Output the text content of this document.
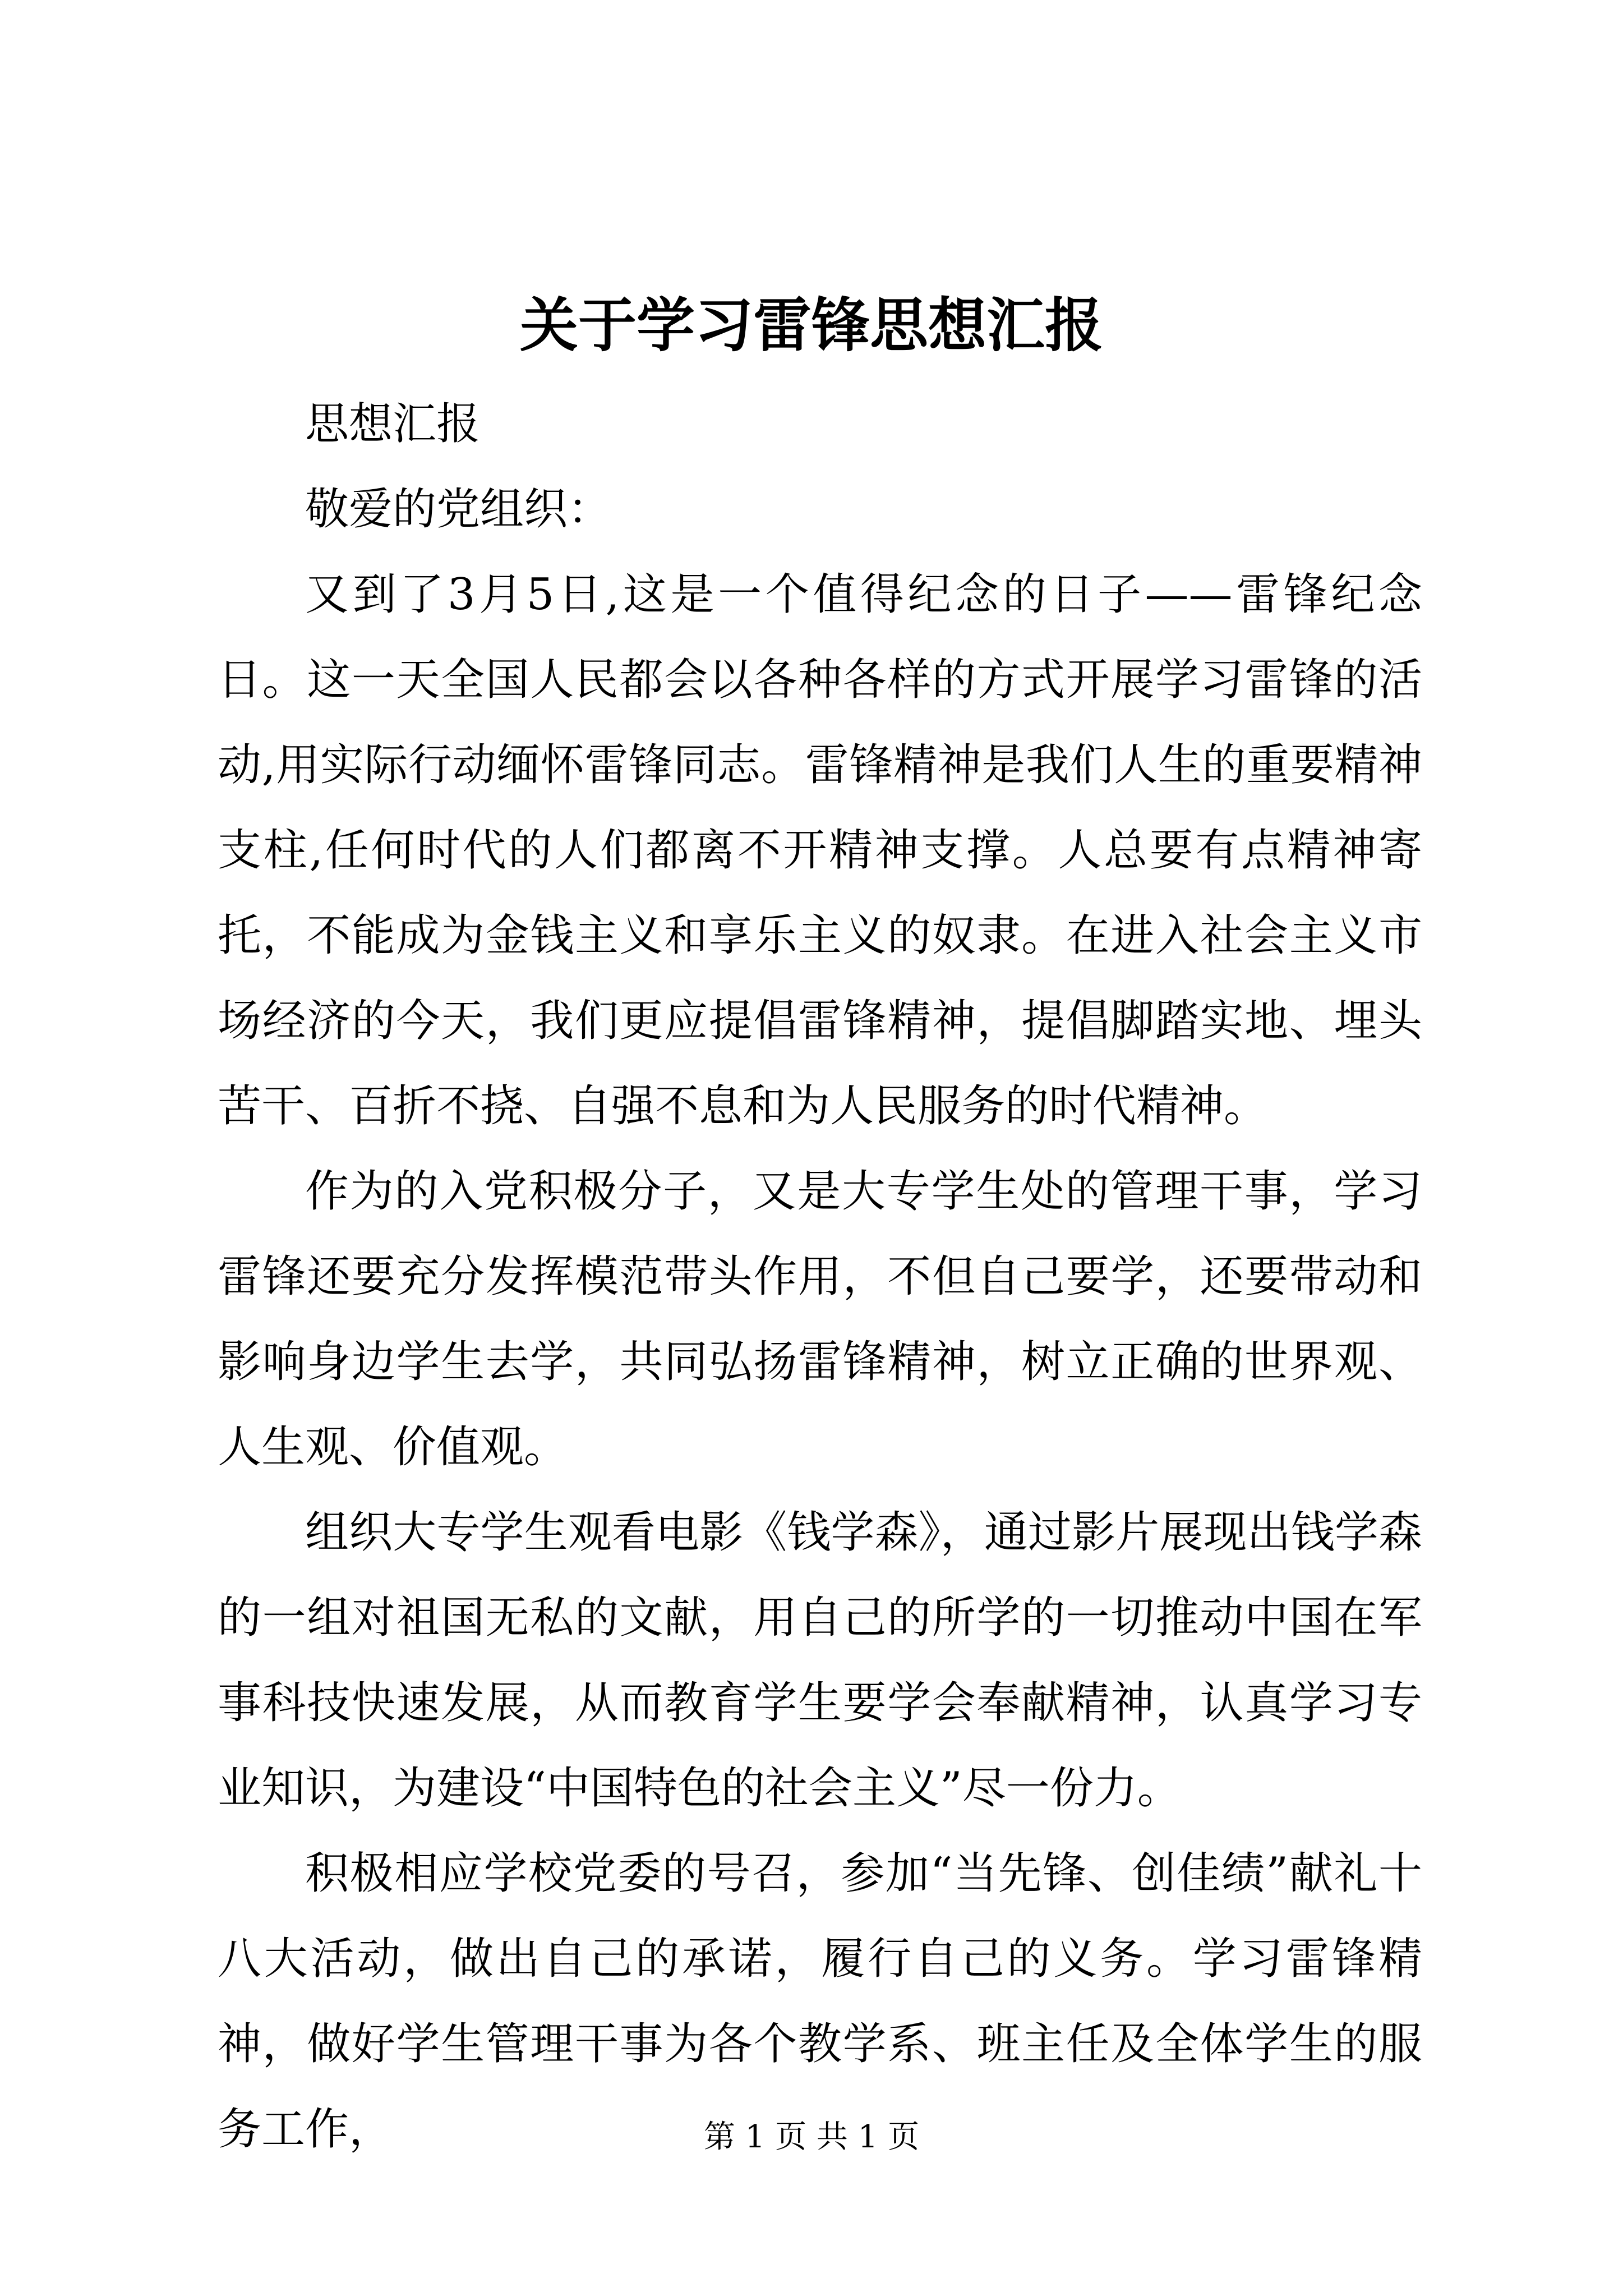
关于学习雷锋思想汇报

思想汇报

敬爱的党组织：

又到了3月5日,这是一个值得纪念的日子——雷锋纪念日。这一天全国人民都会以各种各样的方式开展学习雷锋的活动,用实际行动缅怀雷锋同志。雷锋精神是我们人生的重要精神支柱,任何时代的人们都离不开精神支撑。人总要有点精神寄托，不能成为金钱主义和享乐主义的奴隶。在进入社会主义市场经济的今天，我们更应提倡雷锋精神，提倡脚踏实地、埋头苦干、百折不挠、自强不息和为人民服务的时代精神。

作为的入党积极分子，又是大专学生处的管理干事，学习雷锋还要充分发挥模范带头作用，不但自己要学，还要带动和影响身边学生去学，共同弘扬雷锋精神，树立正确的世界观、人生观、价值观。

组织大专学生观看电影《钱学森》，通过影片展现出钱学森的一组对祖国无私的文献，用自己的所学的一切推动中国在军事科技快速发展，从而教育学生要学会奉献精神，认真学习专业知识，为建设“中国特色的社会主义”尽一份力。

积极相应学校党委的号召，参加“当先锋、创佳绩”献礼十八大活动，做出自己的承诺，履行自己的义务。学习雷锋精神，做好学生管理干事为各个教学系、班主任及全体学生的服务工作，	第 1 页 共 1 页
